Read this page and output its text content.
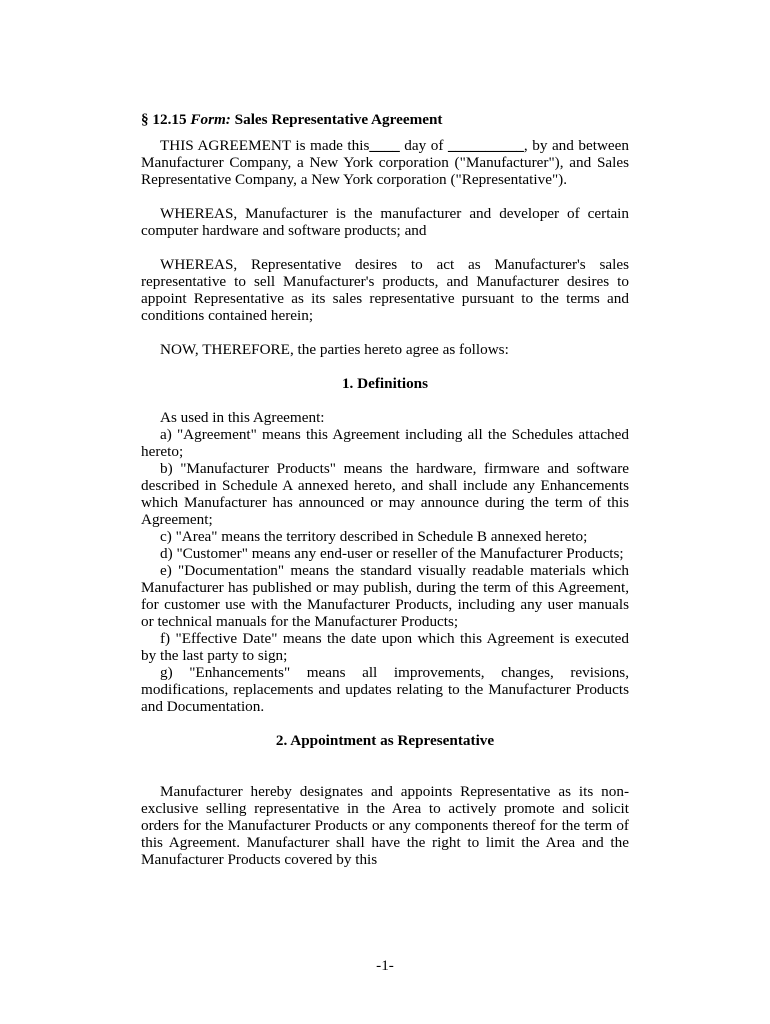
§ 12.15 Form: Sales Representative Agreement

THIS AGREEMENT is made this____ day of __________, by and between Manufacturer Company, a New York corporation ("Manufacturer"), and Sales Representative Company, a New York corporation ("Representative").

WHEREAS, Manufacturer is the manufacturer and developer of certain computer hardware and software products; and

WHEREAS, Representative desires to act as Manufacturer's sales representative to sell Manufacturer's products, and Manufacturer desires to appoint Representative as its sales representative pursuant to the terms and conditions contained herein;

NOW, THEREFORE, the parties hereto agree as follows:

1. Definitions

As used in this Agreement:

a) "Agreement" means this Agreement including all the Schedules attached hereto;

b) "Manufacturer Products" means the hardware, firmware and software described in Schedule A annexed hereto, and shall include any Enhancements which Manufacturer has announced or may announce during the term of this Agreement;

c) "Area" means the territory described in Schedule B annexed hereto;

d) "Customer" means any end-user or reseller of the Manufacturer Products;

e) "Documentation" means the standard visually readable materials which Manufacturer has published or may publish, during the term of this Agreement, for customer use with the Manufacturer Products, including any user manuals or technical manuals for the Manufacturer Products;

f) "Effective Date" means the date upon which this Agreement is executed by the last party to sign;

g) "Enhancements" means all improvements, changes, revisions, modifications, replacements and updates relating to the Manufacturer Products and Documentation.

2. Appointment as Representative

Manufacturer hereby designates and appoints Representative as its non-exclusive selling representative in the Area to actively promote and solicit orders for the Manufacturer Products or any components thereof for the term of this Agreement. Manufacturer shall have the right to limit the Area and the Manufacturer Products covered by this

-1-
